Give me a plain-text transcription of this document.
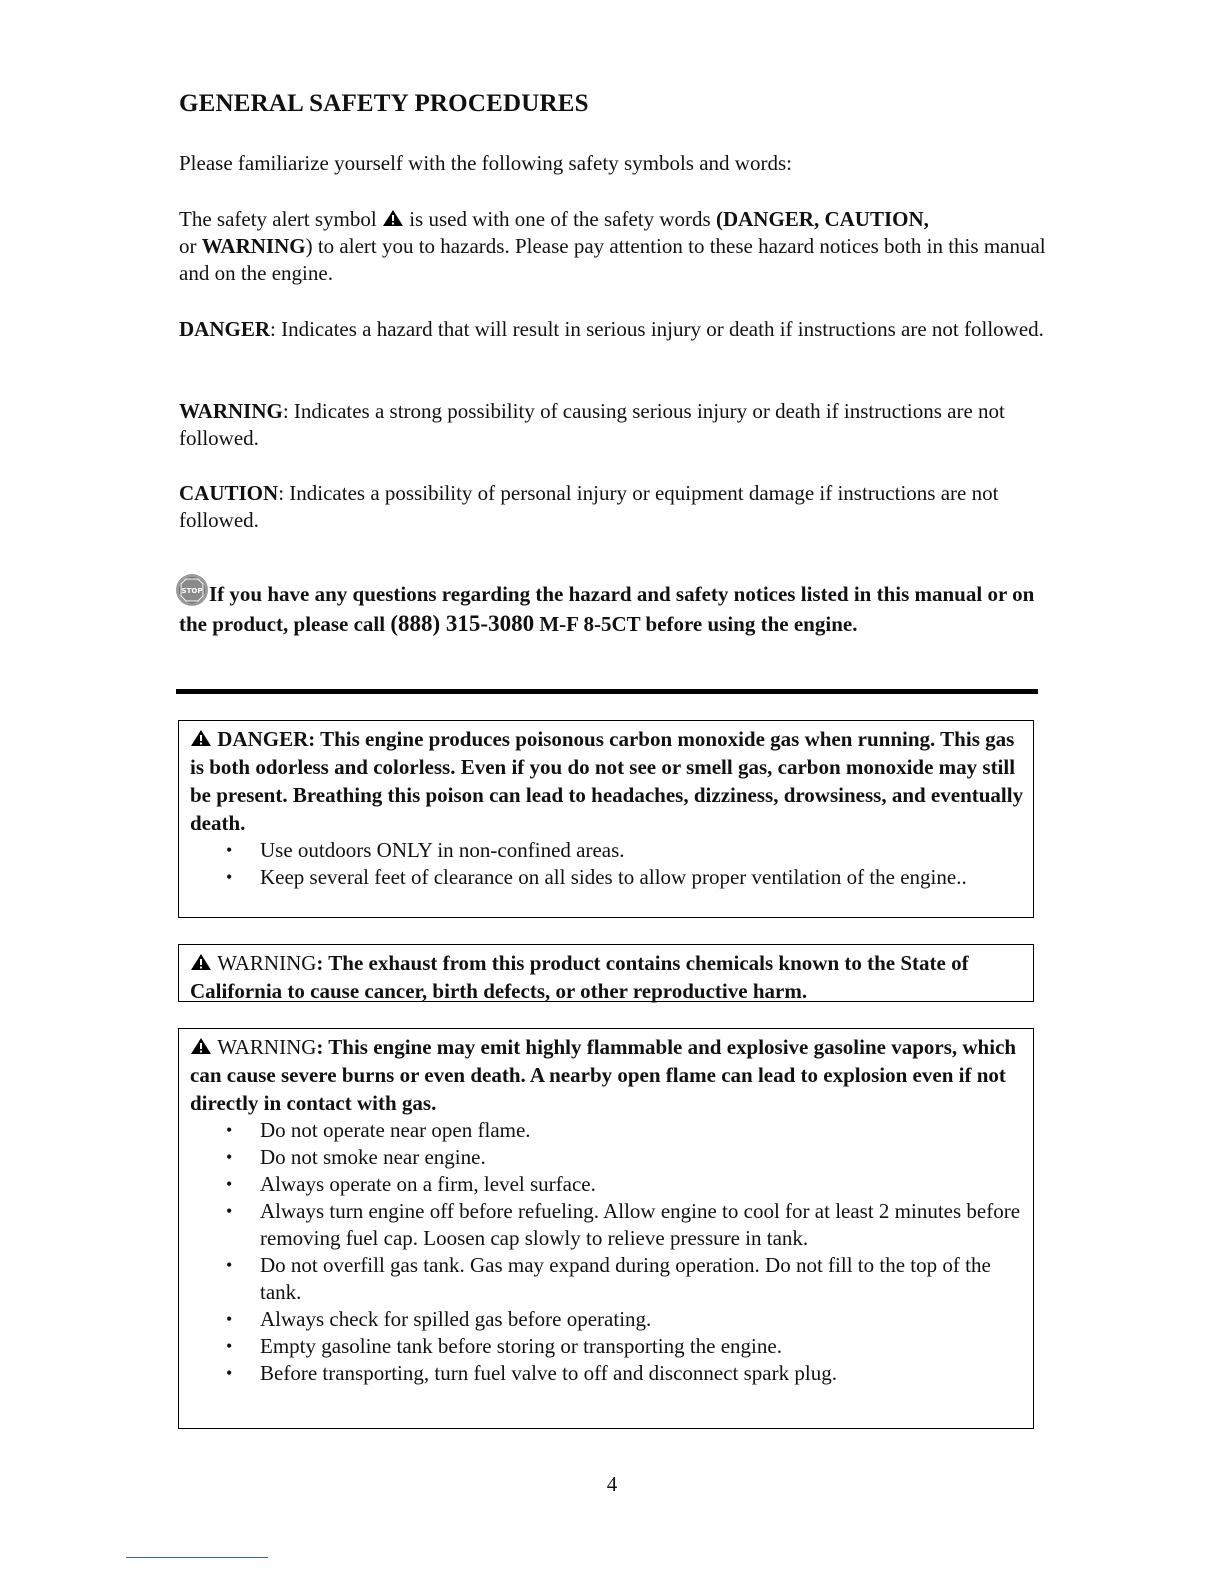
GENERAL SAFETY PROCEDURES

Please familiarize yourself with the following safety symbols and words:

The safety alert symbol  is used with one of the safety words (DANGER, CAUTION,
or WARNING) to alert you to hazards. Please pay attention to these hazard notices both in this manual and on the engine.

DANGER: Indicates a hazard that will result in serious injury or death if instructions are not followed.

WARNING: Indicates a strong possibility of causing serious injury or death if instructions are not followed.

CAUTION: Indicates a possibility of personal injury or equipment damage if instructions are not followed.

STOP If you have any questions regarding the hazard and safety notices listed in this manual or on the product, please call (888) 315-3080 M-F 8-5CT before using the engine.

DANGER: This engine produces poisonous carbon monoxide gas when running. This gas is both odorless and colorless. Even if you do not see or smell gas, carbon monoxide may still be present. Breathing this poison can lead to headaches, dizziness, drowsiness, and eventually death.

• Use outdoors ONLY in non-confined areas.
• Keep several feet of clearance on all sides to allow proper ventilation of the engine..

WARNING: The exhaust from this product contains chemicals known to the State of California to cause cancer, birth defects, or other reproductive harm.

WARNING: This engine may emit highly flammable and explosive gasoline vapors, which can cause severe burns or even death. A nearby open flame can lead to explosion even if not directly in contact with gas.

• Do not operate near open flame.
• Do not smoke near engine.
• Always operate on a firm, level surface.
• Always turn engine off before refueling. Allow engine to cool for at least 2 minutes before removing fuel cap. Loosen cap slowly to relieve pressure in tank.
• Do not overfill gas tank. Gas may expand during operation. Do not fill to the top of the tank.
• Always check for spilled gas before operating.
• Empty gasoline tank before storing or transporting the engine.
• Before transporting, turn fuel valve to off and disconnect spark plug.
4
